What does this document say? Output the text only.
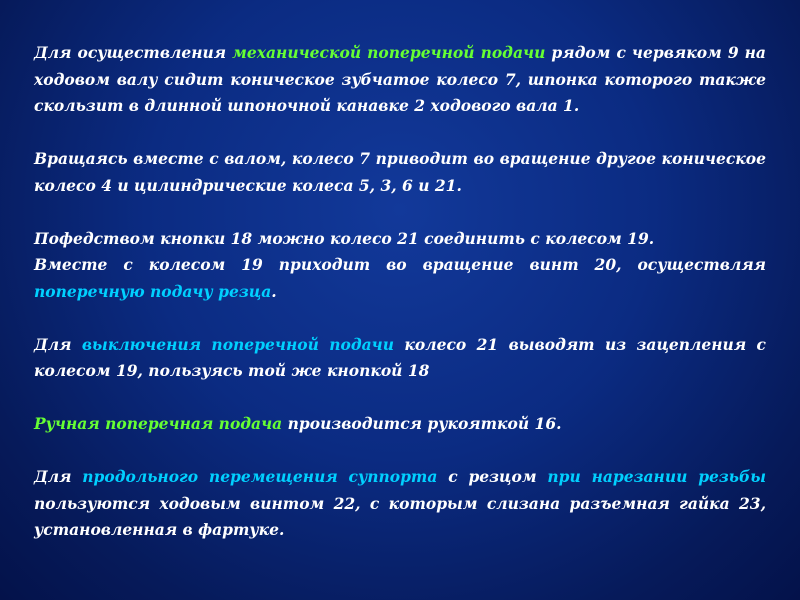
Для осуществления механической поперечной подачи рядом с червяком 9 на ходовом валу сидит коническое зубчатое колесо 7, шпонка которого также скользит в длинной шпоночной канавке 2 ходового вала 1.

Вращаясь вместе с валом, колесо 7 приводит во вращение другое коническое колесо 4 и цилиндрические колеса 5, 3, 6 и 21.

Пофедством кнопки 18 можно колесо 21 соединить с колесом 19.

Вместе с колесом 19 приходит во вращение винт 20, осуществляя поперечную подачу резца.

Для выключения поперечной подачи колесо 21 выводят из зацепления с колесом 19, пользуясь той же кнопкой 18

Ручная поперечная подача производится рукояткой 16.

Для продольного перемещения суппорта с резцом при нарезании резьбы пользуются ходовым винтом 22, с которым слизана разъемная гайка 23, установленная в фартуке.
